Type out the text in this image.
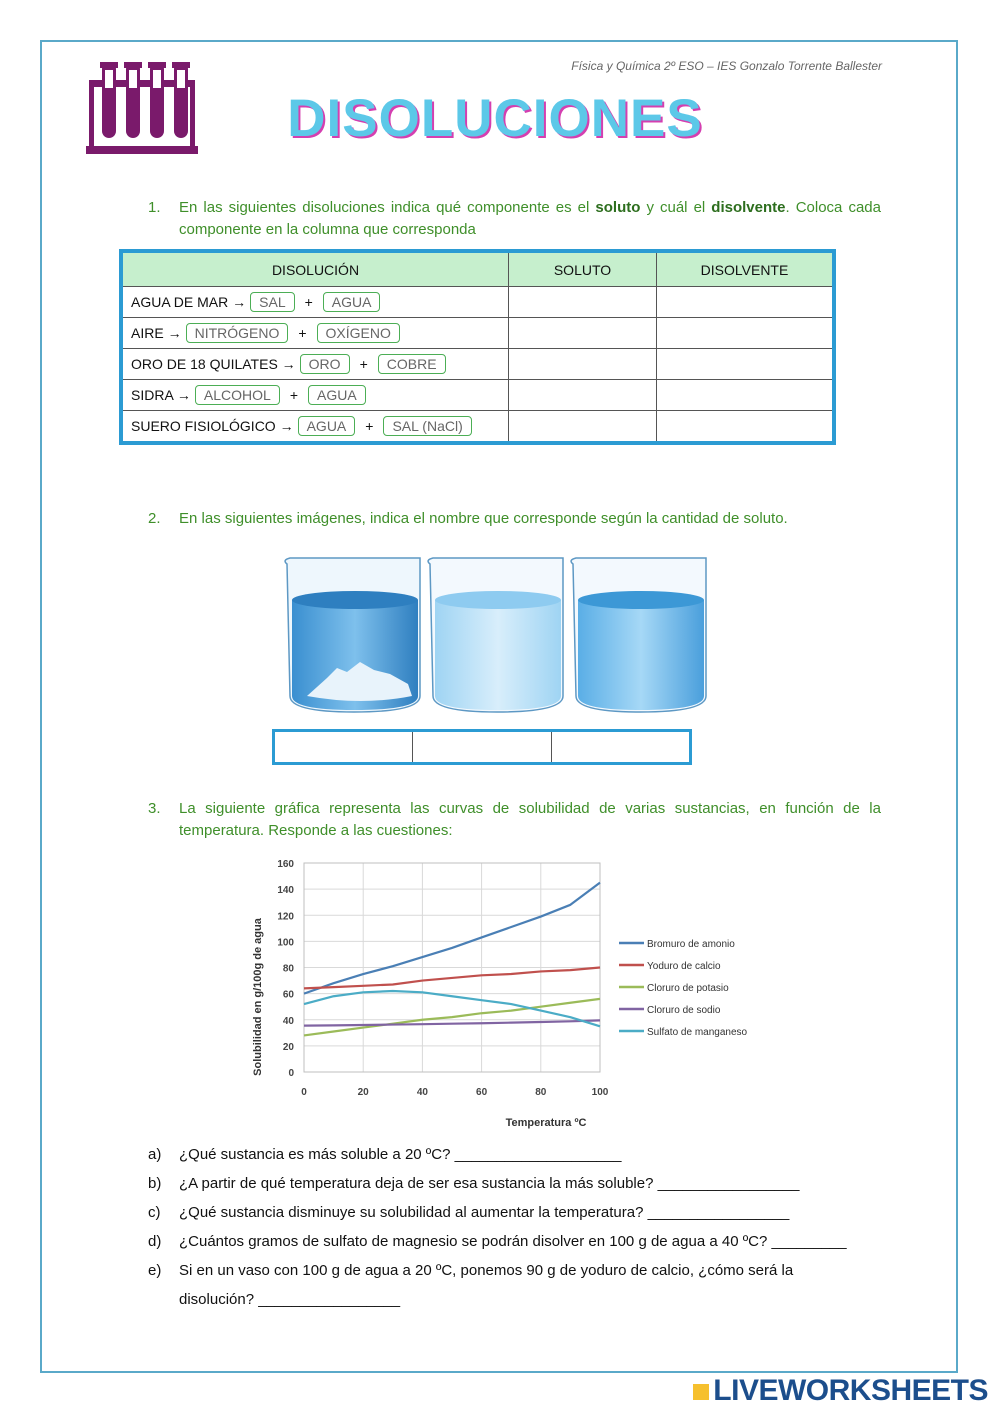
Física y Química 2º ESO – IES Gonzalo Torrente Ballester
DISOLUCIONES
1. En las siguientes disoluciones indica qué componente es el soluto y cuál el disolvente. Coloca cada componente en la columna que corresponda
DISOLUCIÓN	SOLUTO	DISOLVENTE
AGUA DE MAR → SAL + AGUA		
AIRE → NITRÓGENO + OXÍGENO		
ORO DE 18 QUILATES → ORO + COBRE		
SIDRA → ALCOHOL + AGUA		
SUERO FISIOLÓGICO → AGUA + SAL (NaCl)		
2. En las siguientes imágenes, indica el nombre que corresponde según la cantidad de soluto.
3. La siguiente gráfica representa las curvas de solubilidad de varias sustancias, en función de la temperatura. Responde a las cuestiones:
Solubilidad en g/100g de agua
Temperatura ºC
0
20
40
60
80
100
120
140
160
0	20	40	60	80	100
Bromuro de amonio
Yoduro de calcio
Cloruro de potasio
Cloruro de sodio
Sulfato de manganeso
a) ¿Qué sustancia es más soluble a 20 ºC? ____________________
b) ¿A partir de qué temperatura deja de ser esa sustancia la más soluble? _________________
c) ¿Qué sustancia disminuye su solubilidad al aumentar la temperatura? _________________
d) ¿Cuántos gramos de sulfato de magnesio se podrán disolver en 100 g de agua a 40 ºC? _________
e) Si en un vaso con 100 g de agua a 20 ºC, ponemos 90 g de yoduro de calcio, ¿cómo será la
disolución? _________________
LIVEWORKSHEETS
